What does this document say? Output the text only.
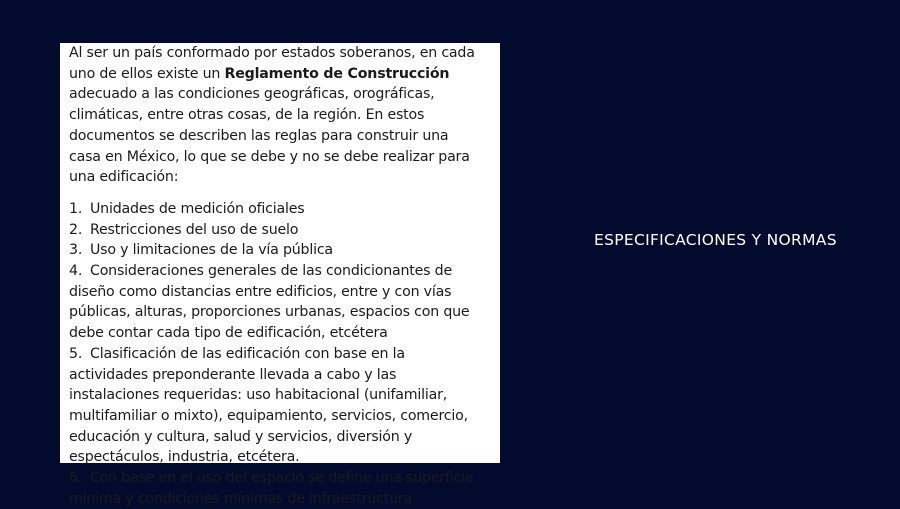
Al ser un país conformado por estados soberanos, en cada uno de ellos existe un Reglamento de Construcción adecuado a las condiciones geográficas, orográficas, climáticas, entre otras cosas, de la región. En estos documentos se describen las reglas para construir una casa en México, lo que se debe y no se debe realizar para una edificación:

1. Unidades de medición oficiales
2. Restricciones del uso de suelo
3. Uso y limitaciones de la vía pública
4. Consideraciones generales de las condicionantes de diseño como distancias entre edificios, entre y con vías públicas, alturas, proporciones urbanas, espacios con que debe contar cada tipo de edificación, etcétera
5. Clasificación de las edificación con base en la actividades preponderante llevada a cabo y las instalaciones requeridas: uso habitacional (unifamiliar, multifamiliar o mixto), equipamiento, servicios, comercio, educación y cultura, salud y servicios, diversión y espectáculos, industria, etcétera.
6. Con base en el uso del espacio se define una superficie mínima y condiciones mínimas de infraestructura
ESPECIFICACIONES Y NORMAS
